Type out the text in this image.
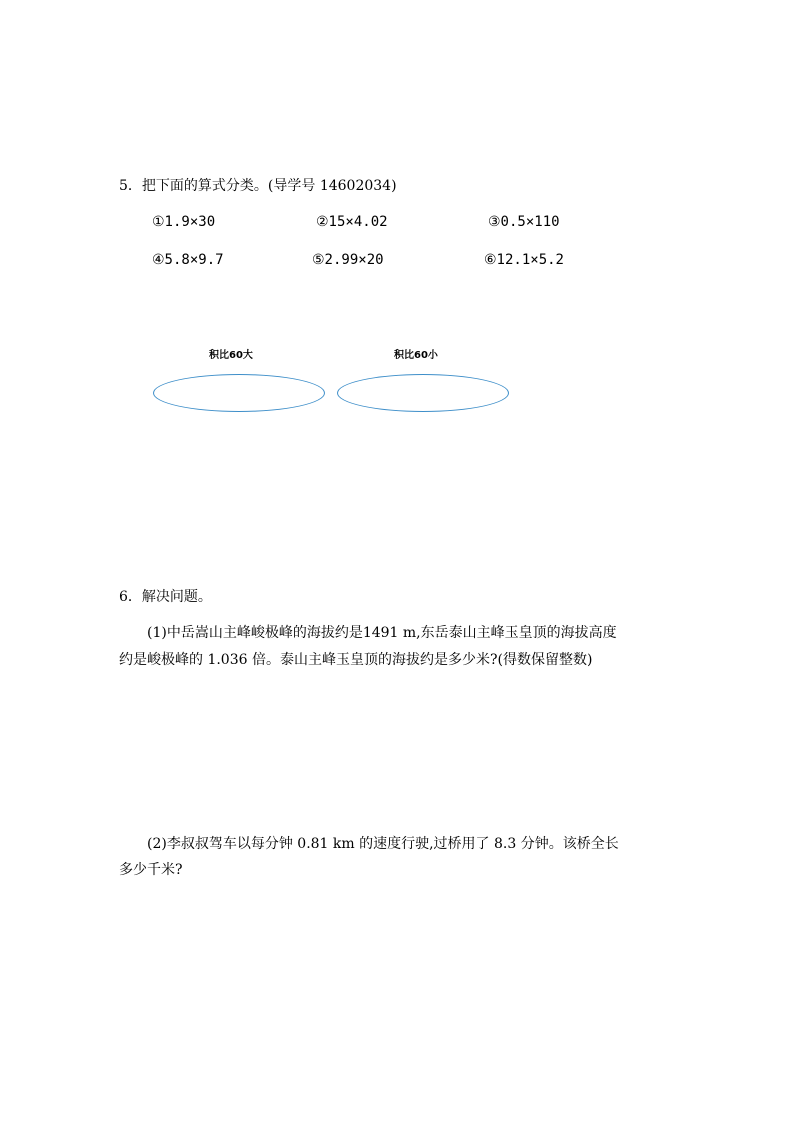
5．把下面的算式分类。(导学号 14602034)
①1.9×30	②15×4.02	③0.5×110
④5.8×9.7	⑤2.99×20	⑥12.1×5.2
积比60大	积比60小
6．解决问题。
(1)中岳嵩山主峰峻极峰的海拔约是1491 m,东岳泰山主峰玉皇顶的海拔高度
约是峻极峰的 1.036 倍。泰山主峰玉皇顶的海拔约是多少米?(得数保留整数)
(2)李叔叔驾车以每分钟 0.81 km 的速度行驶,过桥用了 8.3 分钟。该桥全长
多少千米?
